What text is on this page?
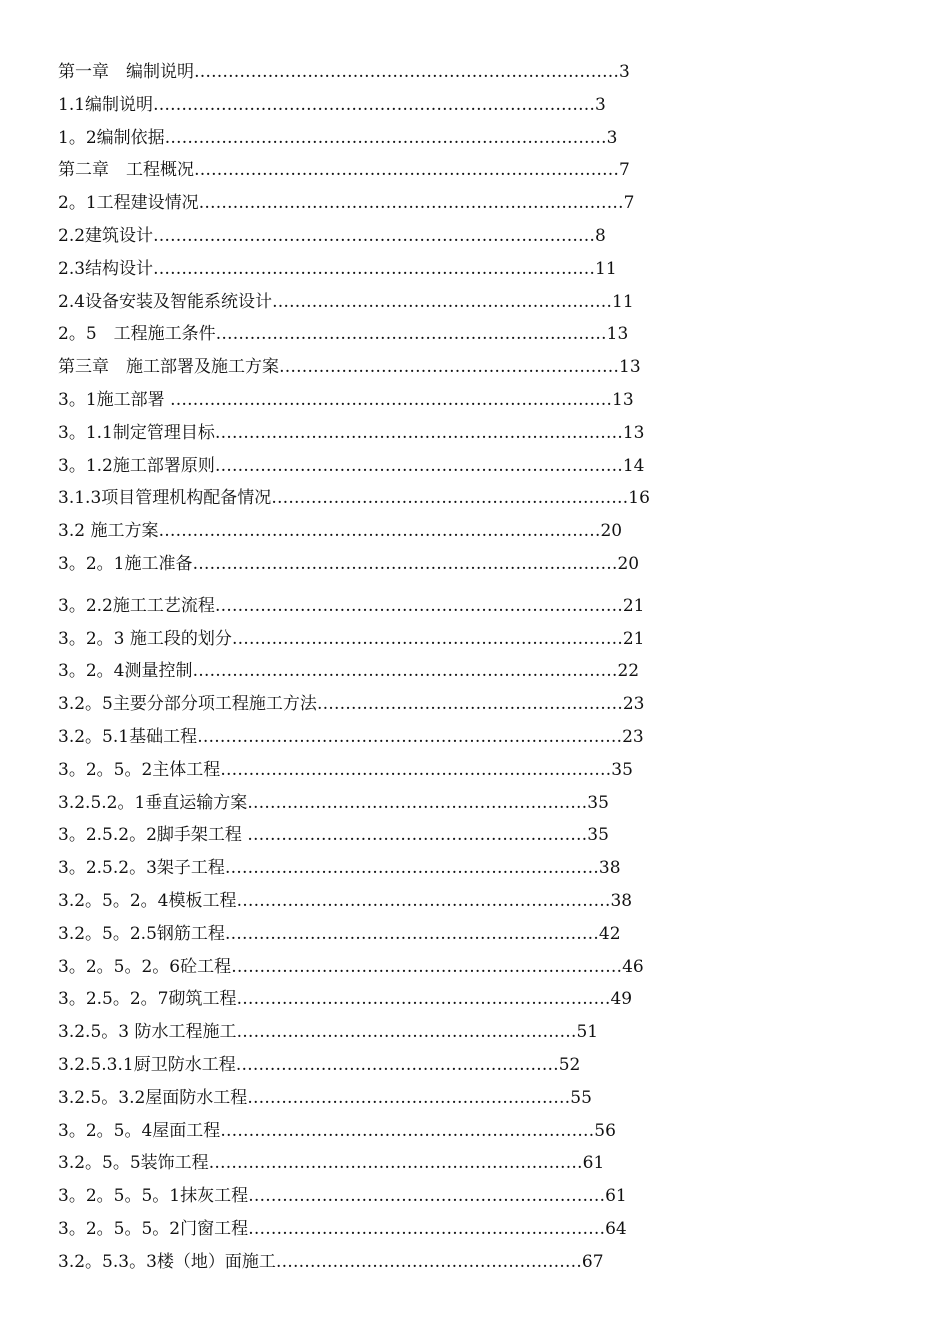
第一章　编制说明…………………………………………………………………3
1.1编制说明……………………………………………………………………3
1。2编制依据……………………………………………………………………3
第二章　工程概况…………………………………………………………………7
2。1工程建设情况…………………………………………………………………7
2.2建筑设计……………………………………………………………………8
2.3结构设计……………………………………………………………………11
2.4设备安装及智能系统设计……………………………………………………11
2。5　工程施工条件……………………………………………………………13
第三章　施工部署及施工方案……………………………………………………13
3。1施工部署 ……………………………………………………………………13
3。1.1制定管理目标………………………………………………………………13
3。1.2施工部署原则………………………………………………………………14
3.1.3项目管理机构配备情况………………………………………………………16
3.2 施工方案……………………………………………………………………20
3。2。1施工准备…………………………………………………………………20
3。2.2施工工艺流程………………………………………………………………21
3。2。3 施工段的划分……………………………………………………………21
3。2。4测量控制…………………………………………………………………22
3.2。5主要分部分项工程施工方法………………………………………………23
3.2。5.1基础工程…………………………………………………………………23
3。2。5。2主体工程……………………………………………………………35
3.2.5.2。1垂直运输方案……………………………………………………35
3。2.5.2。2脚手架工程 ……………………………………………………35
3。2.5.2。3架子工程…………………………………………………………38
3.2。5。2。4模板工程…………………………………………………………38
3.2。5。2.5钢筋工程…………………………………………………………42
3。2。5。2。6砼工程……………………………………………………………46
3。2.5。2。7砌筑工程…………………………………………………………49
3.2.5。3 防水工程施工……………………………………………………51
3.2.5.3.1厨卫防水工程…………………………………………………52
3.2.5。3.2屋面防水工程…………………………………………………55
3。2。5。4屋面工程…………………………………………………………56
3.2。5。5装饰工程…………………………………………………………61
3。2。5。5。1抹灰工程………………………………………………………61
3。2。5。5。2门窗工程………………………………………………………64
3.2。5.3。3楼（地）面施工………………………………………………67
